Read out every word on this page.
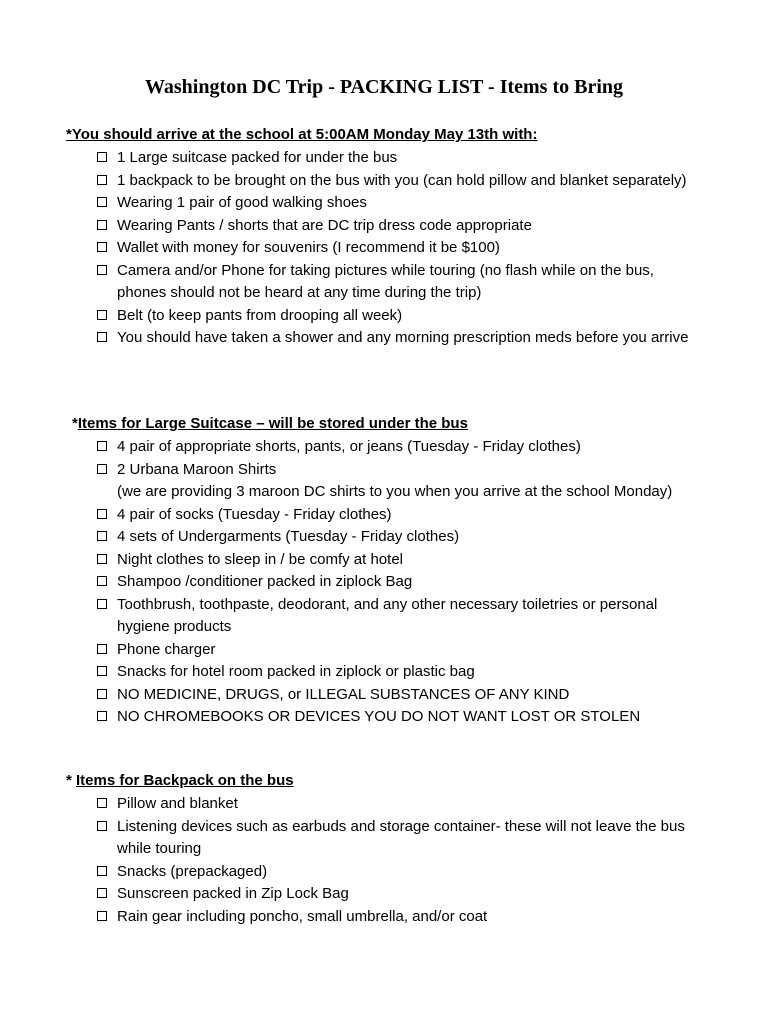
Washington DC Trip - PACKING LIST - Items to Bring
*You should arrive at the school at 5:00AM Monday May 13th with:
1 Large suitcase packed for under the bus
1 backpack to be brought on the bus with you (can hold pillow and blanket separately)
Wearing 1 pair of good walking shoes
Wearing Pants / shorts that are DC trip dress code appropriate
Wallet with money for souvenirs (I recommend it be $100)
Camera and/or Phone for taking pictures while touring (no flash while on the bus, phones should not be heard at any time during the trip)
Belt (to keep pants from drooping all week)
You should have taken a shower and any morning prescription meds before you arrive
*Items for Large Suitcase – will be stored under the bus
4 pair of appropriate shorts, pants, or jeans (Tuesday - Friday clothes)
2 Urbana Maroon Shirts
(we are providing 3 maroon DC shirts to you when you arrive at the school Monday)
4 pair of socks (Tuesday - Friday clothes)
4 sets of Undergarments (Tuesday - Friday clothes)
Night clothes to sleep in / be comfy at hotel
Shampoo /conditioner packed in ziplock Bag
Toothbrush, toothpaste, deodorant, and any other necessary toiletries or personal hygiene products
Phone charger
Snacks for hotel room packed in ziplock or plastic bag
NO MEDICINE, DRUGS, or ILLEGAL SUBSTANCES OF ANY KIND
NO CHROMEBOOKS OR DEVICES YOU DO NOT WANT LOST OR STOLEN
* Items for Backpack on the bus
Pillow and blanket
Listening devices such as earbuds and storage container- these will not leave the bus while touring
Snacks (prepackaged)
Sunscreen packed in Zip Lock Bag
Rain gear including poncho, small umbrella, and/or coat
